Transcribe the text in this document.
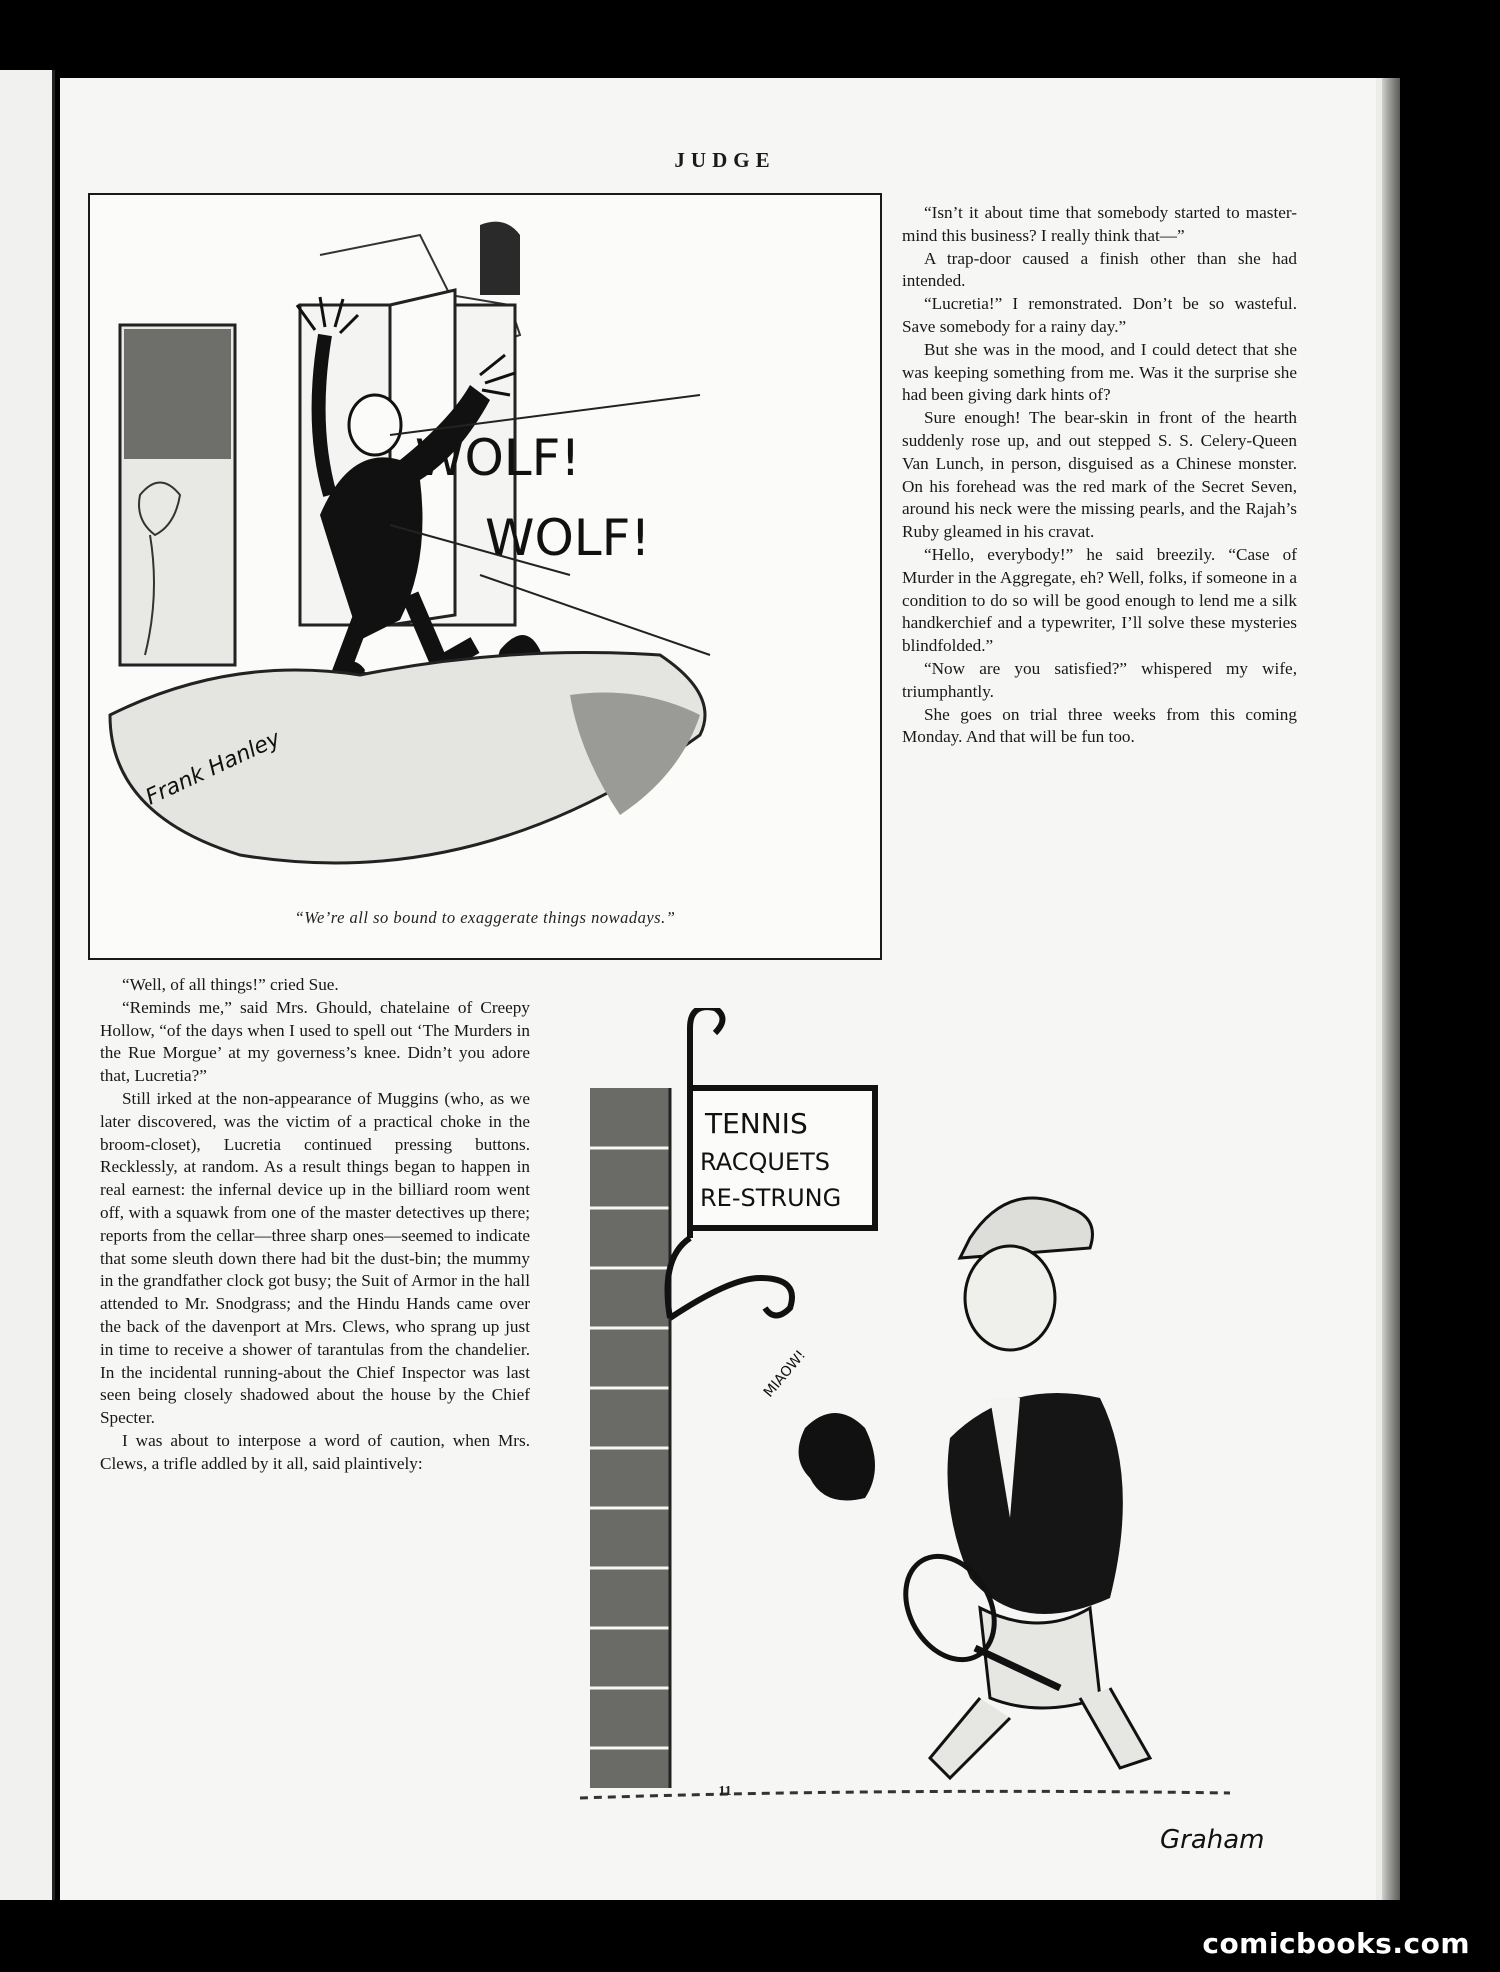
JUDGE
WOLF!
WOLF!
Frank Hanley

“We’re all so bound to exaggerate things nowadays.”

“Isn’t it about time that somebody started to master-mind this business? I really think that—”

A trap-door caused a finish other than she had intended.

“Lucretia!” I remonstrated. Don’t be so wasteful. Save somebody for a rainy day.”

But she was in the mood, and I could detect that she was keeping something from me. Was it the surprise she had been giving dark hints of?

Sure enough! The bear-skin in front of the hearth suddenly rose up, and out stepped S. S. Celery-Queen Van Lunch, in person, disguised as a Chinese monster. On his forehead was the red mark of the Secret Seven, around his neck were the missing pearls, and the Rajah’s Ruby gleamed in his cravat.

“Hello, everybody!” he said breezily. “Case of Murder in the Aggregate, eh? Well, folks, if someone in a condition to do so will be good enough to lend me a silk handkerchief and a typewriter, I’ll solve these mysteries blindfolded.”

“Now are you satisfied?” whispered my wife, triumphantly.

She goes on trial three weeks from this coming Monday. And that will be fun too.

“Well, of all things!” cried Sue.

“Reminds me,” said Mrs. Ghould, chatelaine of Creepy Hollow, “of the days when I used to spell out ‘The Murders in the Rue Morgue’ at my governess’s knee. Didn’t you adore that, Lucretia?”

Still irked at the non-appearance of Muggins (who, as we later discovered, was the victim of a practical choke in the broom-closet), Lucretia continued pressing buttons. Recklessly, at random. As a result things began to happen in real earnest: the infernal device up in the billiard room went off, with a squawk from one of the master detectives up there; reports from the cellar—three sharp ones—seemed to indicate that some sleuth down there had bit the dust-bin; the mummy in the grandfather clock got busy; the Suit of Armor in the hall attended to Mr. Snodgrass; and the Hindu Hands came over the back of the davenport at Mrs. Clews, who sprang up just in time to receive a shower of tarantulas from the chandelier. In the incidental running-about the Chief Inspector was last seen being closely shadowed about the house by the Chief Specter.

I was about to interpose a word of caution, when Mrs. Clews, a trifle addled by it all, said plaintively:

TENNIS
RACQUETS
RE-STRUNG
MIAOW!
Graham

11

comicbooks.com
